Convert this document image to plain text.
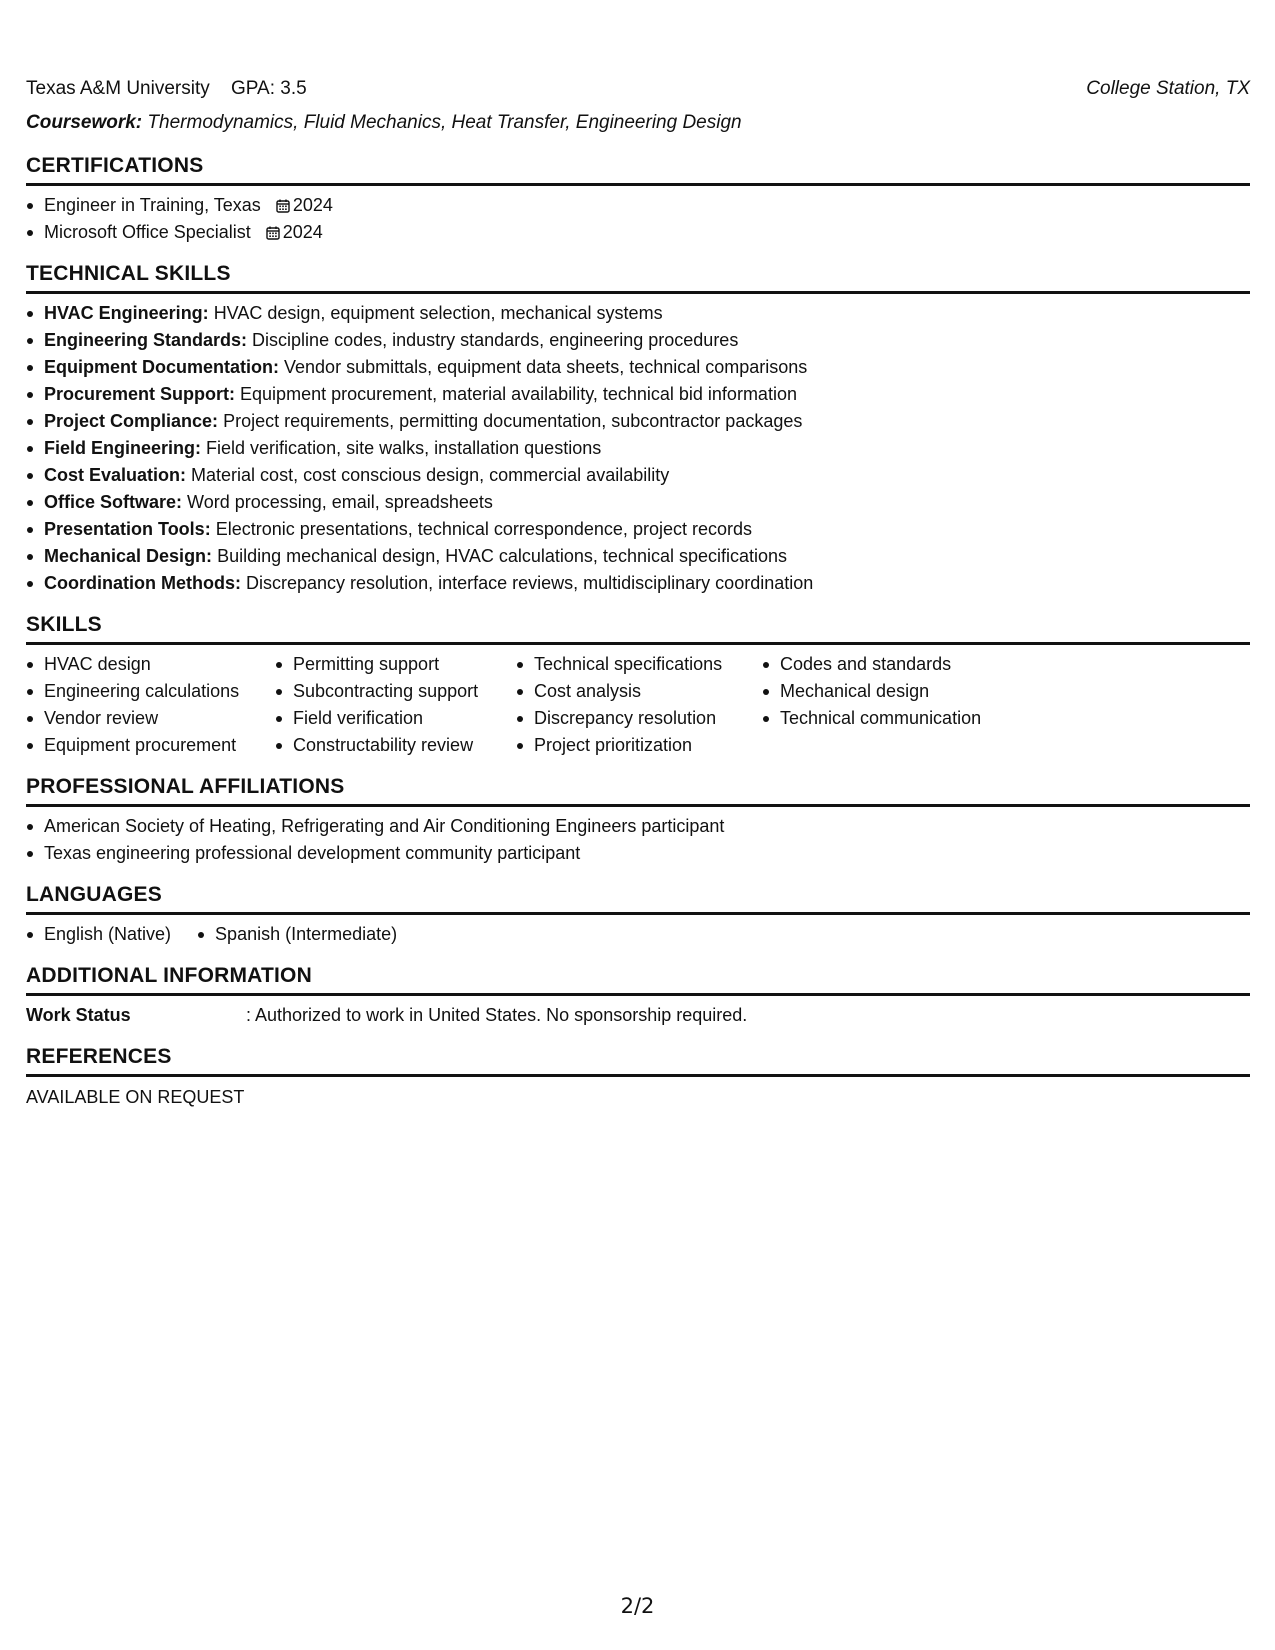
Texas A&M University GPA: 3.5	College Station, TX
Coursework: Thermodynamics, Fluid Mechanics, Heat Transfer, Engineering Design
CERTIFICATIONS
Engineer in Training, Texas 2024
Microsoft Office Specialist 2024
TECHNICAL SKILLS
HVAC Engineering: HVAC design, equipment selection, mechanical systems
Engineering Standards: Discipline codes, industry standards, engineering procedures
Equipment Documentation: Vendor submittals, equipment data sheets, technical comparisons
Procurement Support: Equipment procurement, material availability, technical bid information
Project Compliance: Project requirements, permitting documentation, subcontractor packages
Field Engineering: Field verification, site walks, installation questions
Cost Evaluation: Material cost, cost conscious design, commercial availability
Office Software: Word processing, email, spreadsheets
Presentation Tools: Electronic presentations, technical correspondence, project records
Mechanical Design: Building mechanical design, HVAC calculations, technical specifications
Coordination Methods: Discrepancy resolution, interface reviews, multidisciplinary coordination
SKILLS
HVAC design
Engineering calculations
Vendor review
Equipment procurement
Permitting support
Subcontracting support
Field verification
Constructability review
Technical specifications
Cost analysis
Discrepancy resolution
Project prioritization
Codes and standards
Mechanical design
Technical communication
PROFESSIONAL AFFILIATIONS
American Society of Heating, Refrigerating and Air Conditioning Engineers participant
Texas engineering professional development community participant
LANGUAGES
English (Native)	Spanish (Intermediate)
ADDITIONAL INFORMATION
Work Status	: Authorized to work in United States. No sponsorship required.
REFERENCES
AVAILABLE ON REQUEST
2/2
